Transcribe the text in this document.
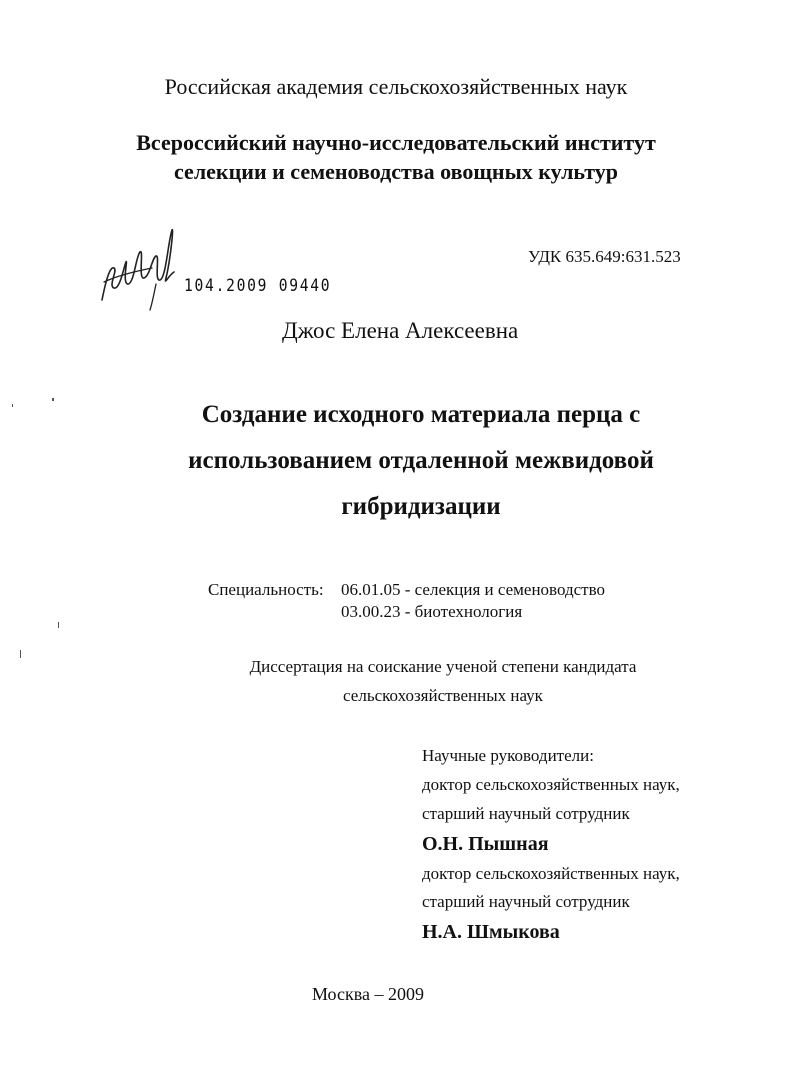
Российская академия сельскохозяйственных наук

Всероссийский научно-исследовательский институт
селекции и семеноводства овощных культур
104.2009 09440
УДК 635.649:631.523

Джос Елена Алексеевна

Создание исходного материала перца с
использованием отдаленной межвидовой
гибридизации
Специальность: 06.01.05 - селекция и семеноводство
03.00.23 - биотехнология
Диссертация на соискание ученой степени кандидата
сельскохозяйственных наук
Научные руководители:
доктор сельскохозяйственных наук,
старший научный сотрудник
О.Н. Пышная
доктор сельскохозяйственных наук,
старший научный сотрудник
Н.А. Шмыкова

Москва – 2009
